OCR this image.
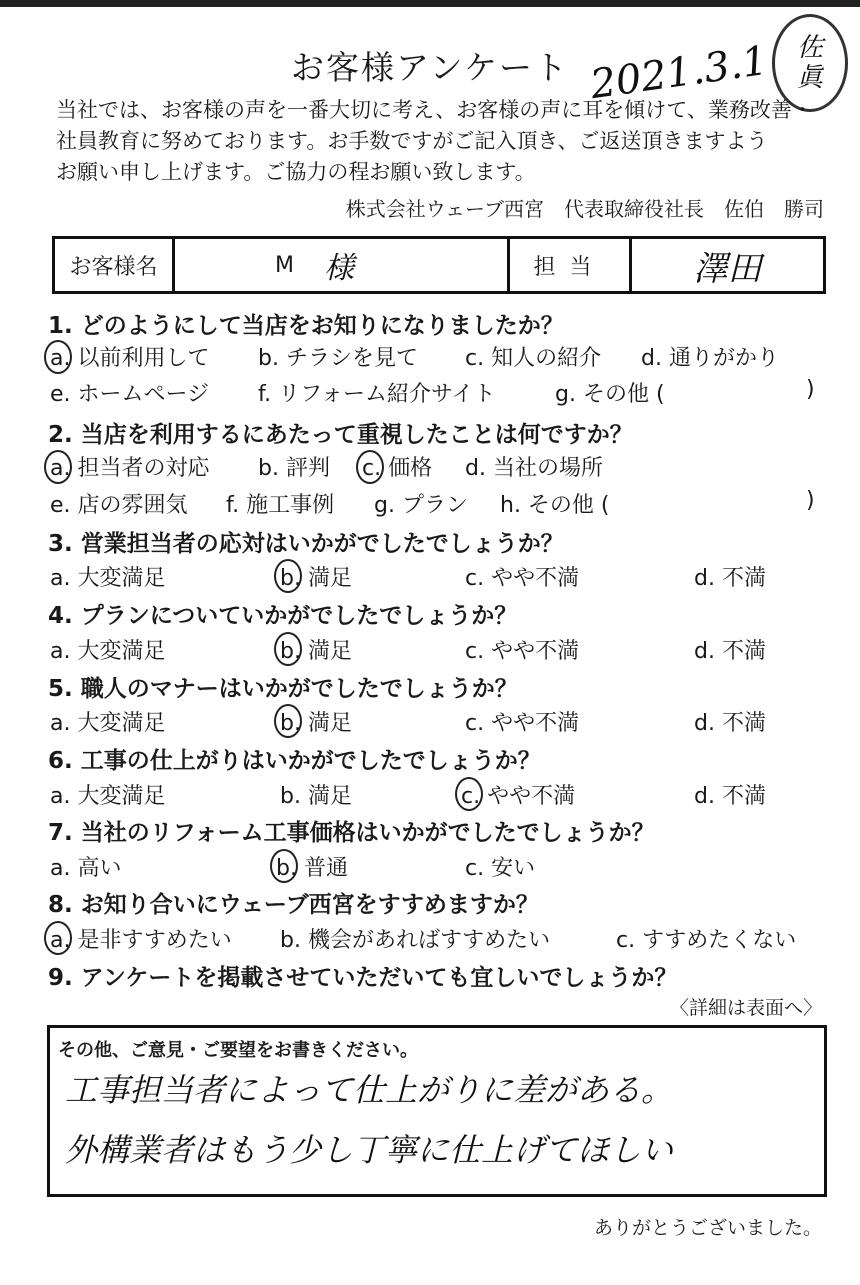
お客様アンケート 2021.3.1 佐
眞
当社では、お客様の声を一番大切に考え、お客様の声に耳を傾けて、業務改善・
社員教育に努めております。お手数ですがご記入頂き、ご返送頂きますよう
お願い申し上げます。ご協力の程お願い致します。
株式会社ウェーブ西宮　代表取締役社長　佐伯　勝司
お客様名	M 様	担当	澤田
1. どのようにして当店をお知りになりましたか？
a. 以前利用して b. チラシを見て c. 知人の紹介 d. 通りがかり
e. ホームページ f. リフォーム紹介サイト	g. その他 (	)
2. 当店を利用するにあたって重視したことは何ですか？
a. 担当者の対応 b. 評判 c. 価格 d. 当社の場所
e. 店の雰囲気 f. 施工事例 g. プラン h. その他 (	)
3. 営業担当者の応対はいかがでしたでしょうか？
a. 大変満足	b. 満足	c. やや不満	d. 不満
4. プランについていかがでしたでしょうか？
a. 大変満足	b. 満足	c. やや不満	d. 不満
5. 職人のマナーはいかがでしたでしょうか？
a. 大変満足	b. 満足	c. やや不満	d. 不満
6. 工事の仕上がりはいかがでしたでしょうか？
a. 大変満足	b. 満足	c. やや不満	d. 不満
7. 当社のリフォーム工事価格はいかがでしたでしょうか？
a. 高い	b. 普通	c. 安い
8. お知り合いにウェーブ西宮をすすめますか？
a. 是非すすめたい b. 機会があればすすめたい	c. すすめたくない
9. アンケートを掲載させていただいても宜しいでしょうか？
〈詳細は表面へ〉
その他、ご意見・ご要望をお書きください。
工事担当者によって仕上がりに差がある。
外構業者はもう少し丁寧に仕上げてほしい
ありがとうございました。
